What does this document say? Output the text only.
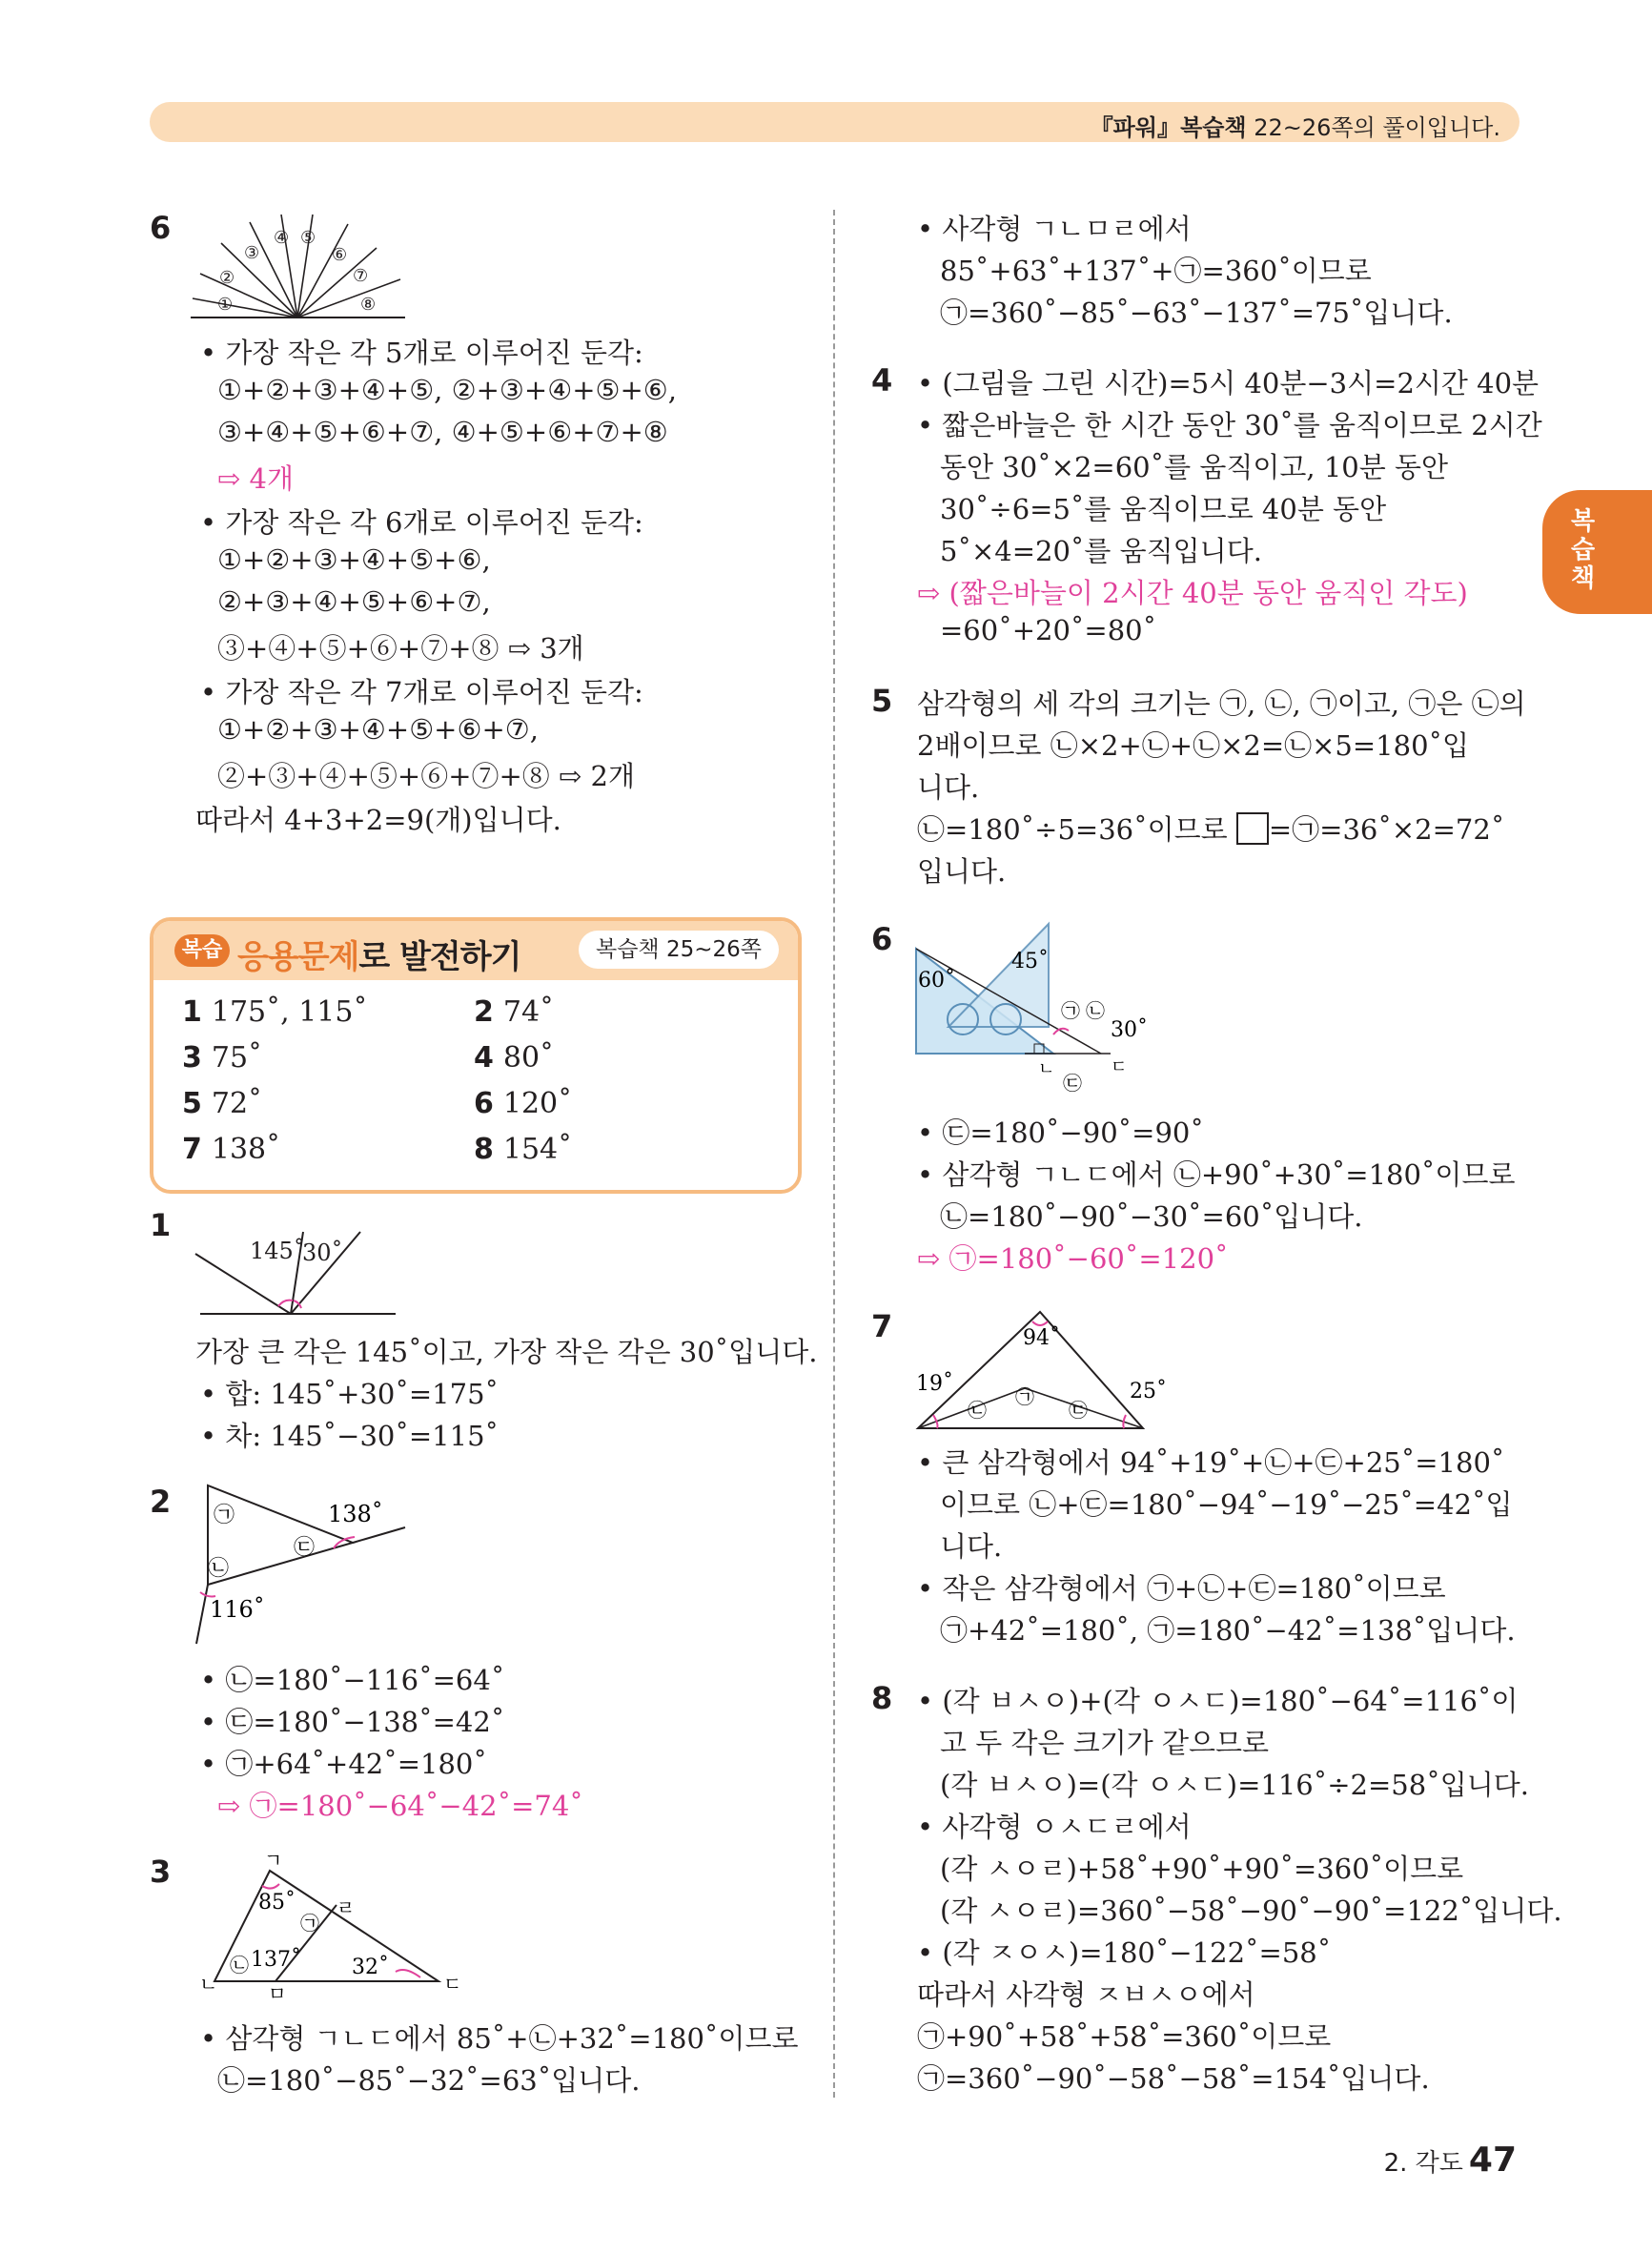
『파워』복습책 22~26쪽의 풀이입니다.
복습책
6
①
②
③
④ ⑤
⑥
⑦
⑧
• 가장 작은 각 5개로 이루어진 둔각:
①+②+③+④+⑤, ②+③+④+⑤+⑥,
③+④+⑤+⑥+⑦, ④+⑤+⑥+⑦+⑧
⇨ 4개
• 가장 작은 각 6개로 이루어진 둔각:
①+②+③+④+⑤+⑥,
②+③+④+⑤+⑥+⑦,
③+④+⑤+⑥+⑦+⑧ ⇨ 3개
• 가장 작은 각 7개로 이루어진 둔각:
①+②+③+④+⑤+⑥+⑦,
②+③+④+⑤+⑥+⑦+⑧ ⇨ 2개
따라서 4+3+2=9(개)입니다.
복습 응용문제로 발전하기	복습책 25~26쪽
1 175˚, 115˚	2 74˚
3 75˚	4 80˚
5 72˚	6 120˚
7 138˚	8 154˚
1
145˚
30˚
가장 큰 각은 145˚이고, 가장 작은 각은 30˚입니다.
• 합: 145˚+30˚=175˚
• 차: 145˚−30˚=115˚
2 ㉠
㉡
㉢
138˚
116˚
• ㉡=180˚−116˚=64˚
• ㉢=180˚−138˚=42˚
• ㉠+64˚+42˚=180˚
⇨ ㉠=180˚−64˚−42˚=74˚
3	ㄱ
ㄹ
ㄴ	ㅁ	ㄷ
85˚
137˚ 32˚
㉠
㉡
• 삼각형 ㄱㄴㄷ에서 85˚+㉡+32˚=180˚이므로
㉡=180˚−85˚−32˚=63˚입니다.
• 사각형 ㄱㄴㅁㄹ에서
85˚+63˚+137˚+㉠=360˚이므로
㉠=360˚−85˚−63˚−137˚=75˚입니다.
4 • (그림을 그린 시간)=5시 40분−3시=2시간 40분
• 짧은바늘은 한 시간 동안 30˚를 움직이므로 2시간
동안 30˚×2=60˚를 움직이고, 10분 동안
30˚÷6=5˚를 움직이므로 40분 동안
5˚×4=20˚를 움직입니다.
⇨ (짧은바늘이 2시간 40분 동안 움직인 각도)
=60˚+20˚=80˚
5 삼각형의 세 각의 크기는 ㉠, ㉡, ㉠이고, ㉠은 ㉡의
2배이므로 ㉡×2+㉡+㉡×2=㉡×5=180˚입
니다.
㉡=180˚÷5=36˚이므로 =㉠=36˚×2=72˚
입니다.
6
60˚
45˚
30˚
㉠ ㉡
㉢
ㄴ	ㄷ
• ㉢=180˚−90˚=90˚
• 삼각형 ㄱㄴㄷ에서 ㉡+90˚+30˚=180˚이므로
㉡=180˚−90˚−30˚=60˚입니다.
⇨ ㉠=180˚−60˚=120˚
7	94˚
19˚	25˚
㉠
㉡	㉢
• 큰 삼각형에서 94˚+19˚+㉡+㉢+25˚=180˚
이므로 ㉡+㉢=180˚−94˚−19˚−25˚=42˚입
니다.
• 작은 삼각형에서 ㉠+㉡+㉢=180˚이므로
㉠+42˚=180˚, ㉠=180˚−42˚=138˚입니다.
8 • (각 ㅂㅅㅇ)+(각 ㅇㅅㄷ)=180˚−64˚=116˚이
고 두 각은 크기가 같으므로
(각 ㅂㅅㅇ)=(각 ㅇㅅㄷ)=116˚÷2=58˚입니다.
• 사각형 ㅇㅅㄷㄹ에서
(각 ㅅㅇㄹ)+58˚+90˚+90˚=360˚이므로
(각 ㅅㅇㄹ)=360˚−58˚−90˚−90˚=122˚입니다.
• (각 ㅈㅇㅅ)=180˚−122˚=58˚
따라서 사각형 ㅈㅂㅅㅇ에서
㉠+90˚+58˚+58˚=360˚이므로
㉠=360˚−90˚−58˚−58˚=154˚입니다.
2. 각도 47
